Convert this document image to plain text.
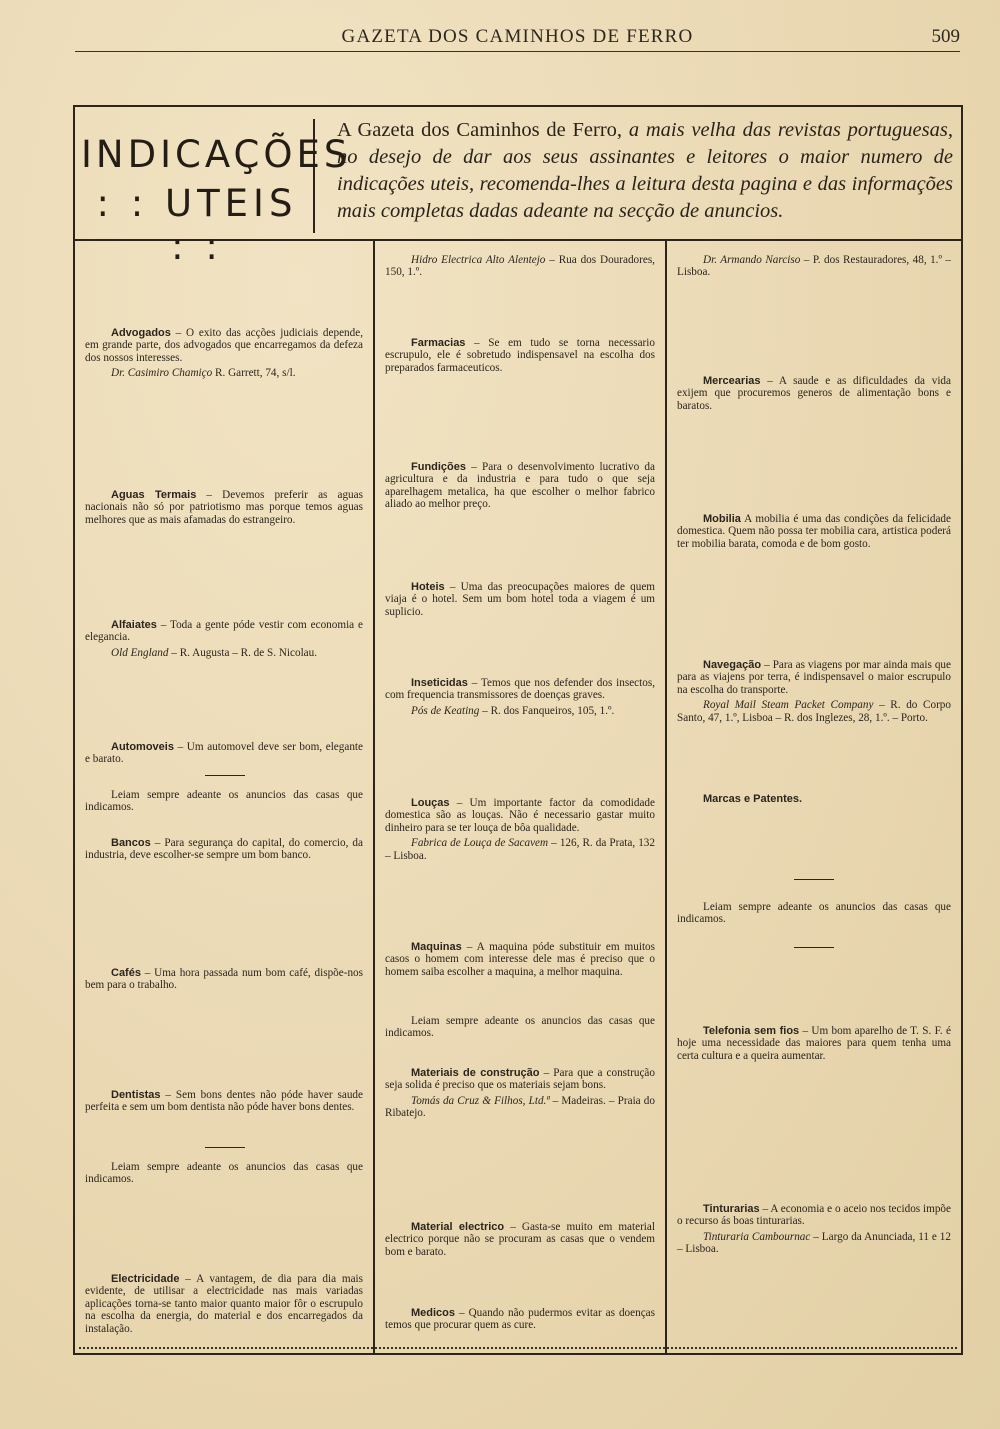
GAZETA DOS CAMINHOS DE FERRO	509
INDICAÇÕES
: : UTEIS : :
A Gazeta dos Caminhos de Ferro, a mais velha das revistas portuguesas, no desejo de dar aos seus assinantes e leitores o maior numero de indicações uteis, recomenda-lhes a leitura desta pagina e das informações mais completas dadas adeante na secção de anuncios.

Advogados – O exito das acções judiciais depende, em grande parte, dos advogados que encarregamos da defeza dos nossos interesses.

Dr. Casimiro Chamiço R. Garrett, 74, s/l.

Aguas Termais – Devemos preferir as aguas nacionais não só por patriotismo mas porque temos aguas melhores que as mais afamadas do estrangeiro.

Alfaiates – Toda a gente póde vestir com economia e elegancia.

Old England – R. Augusta – R. de S. Nicolau.

Automoveis – Um automovel deve ser bom, elegante e barato.

Leiam sempre adeante os anuncios das casas que indicamos.

Bancos – Para segurança do capital, do comercio, da industria, deve escolher-se sempre um bom banco.

Cafés – Uma hora passada num bom café, dispõe-nos bem para o trabalho.

Dentistas – Sem bons dentes não póde haver saude perfeita e sem um bom dentista não póde haver bons dentes.

Leiam sempre adeante os anuncios das casas que indicamos.

Electricidade – A vantagem, de dia para dia mais evidente, de utilisar a electricidade nas mais variadas aplicações torna-se tanto maior quanto maior fôr o escrupulo na escolha da energia, do material e dos encarregados da instalação.

Hidro Electrica Alto Alentejo – Rua dos Douradores, 150, 1.º.

Farmacias – Se em tudo se torna necessario escrupulo, ele é sobretudo indispensavel na escolha dos preparados farmaceuticos.

Fundições – Para o desenvolvimento lucrativo da agricultura e da industria e para tudo o que seja aparelhagem metalica, ha que escolher o melhor fabrico aliado ao melhor preço.

Hoteis – Uma das preocupações maiores de quem viaja é o hotel. Sem um bom hotel toda a viagem é um suplicio.

Inseticidas – Temos que nos defender dos insectos, com frequencia transmissores de doenças graves.

Pós de Keating – R. dos Fanqueiros, 105, 1.º.

Louças – Um importante factor da comodidade domestica são as louças. Não é necessario gastar muito dinheiro para se ter louça de bôa qualidade.

Fabrica de Louça de Sacavem – 126, R. da Prata, 132 – Lisboa.

Maquinas – A maquina póde substituir em muitos casos o homem com interesse dele mas é preciso que o homem saiba escolher a maquina, a melhor maquina.

Leiam sempre adeante os anuncios das casas que indicamos.

Materiais de construção – Para que a construção seja solida é preciso que os materiais sejam bons.

Tomás da Cruz & Filhos, Ltd.ª – Madeiras. – Praia do Ribatejo.

Material electrico – Gasta-se muito em material electrico porque não se procuram as casas que o vendem bom e barato.

Medicos – Quando não pudermos evitar as doenças temos que procurar quem as cure.

Dr. Armando Narciso – P. dos Restauradores, 48, 1.º – Lisboa.

Mercearias – A saude e as dificuldades da vida exijem que procuremos generos de alimentação bons e baratos.

Mobilia A mobilia é uma das condições da felicidade domestica. Quem não possa ter mobilia cara, artistica poderá ter mobilia barata, comoda e de bom gosto.

Navegação – Para as viagens por mar ainda mais que para as viajens por terra, é indispensavel o maior escrupulo na escolha do transporte.

Royal Mail Steam Packet Company – R. do Corpo Santo, 47, 1.º, Lisboa – R. dos Inglezes, 28, 1.º. – Porto.

Marcas e Patentes.

Leiam sempre adeante os anuncios das casas que indicamos.

Telefonia sem fios – Um bom aparelho de T. S. F. é hoje uma necessidade das maiores para quem tenha uma certa cultura e a queira aumentar.

Tinturarias – A economia e o aceio nos tecidos impõe o recurso ás boas tinturarias.

Tinturaria Cambournac – Largo da Anunciada, 11 e 12 – Lisboa.
